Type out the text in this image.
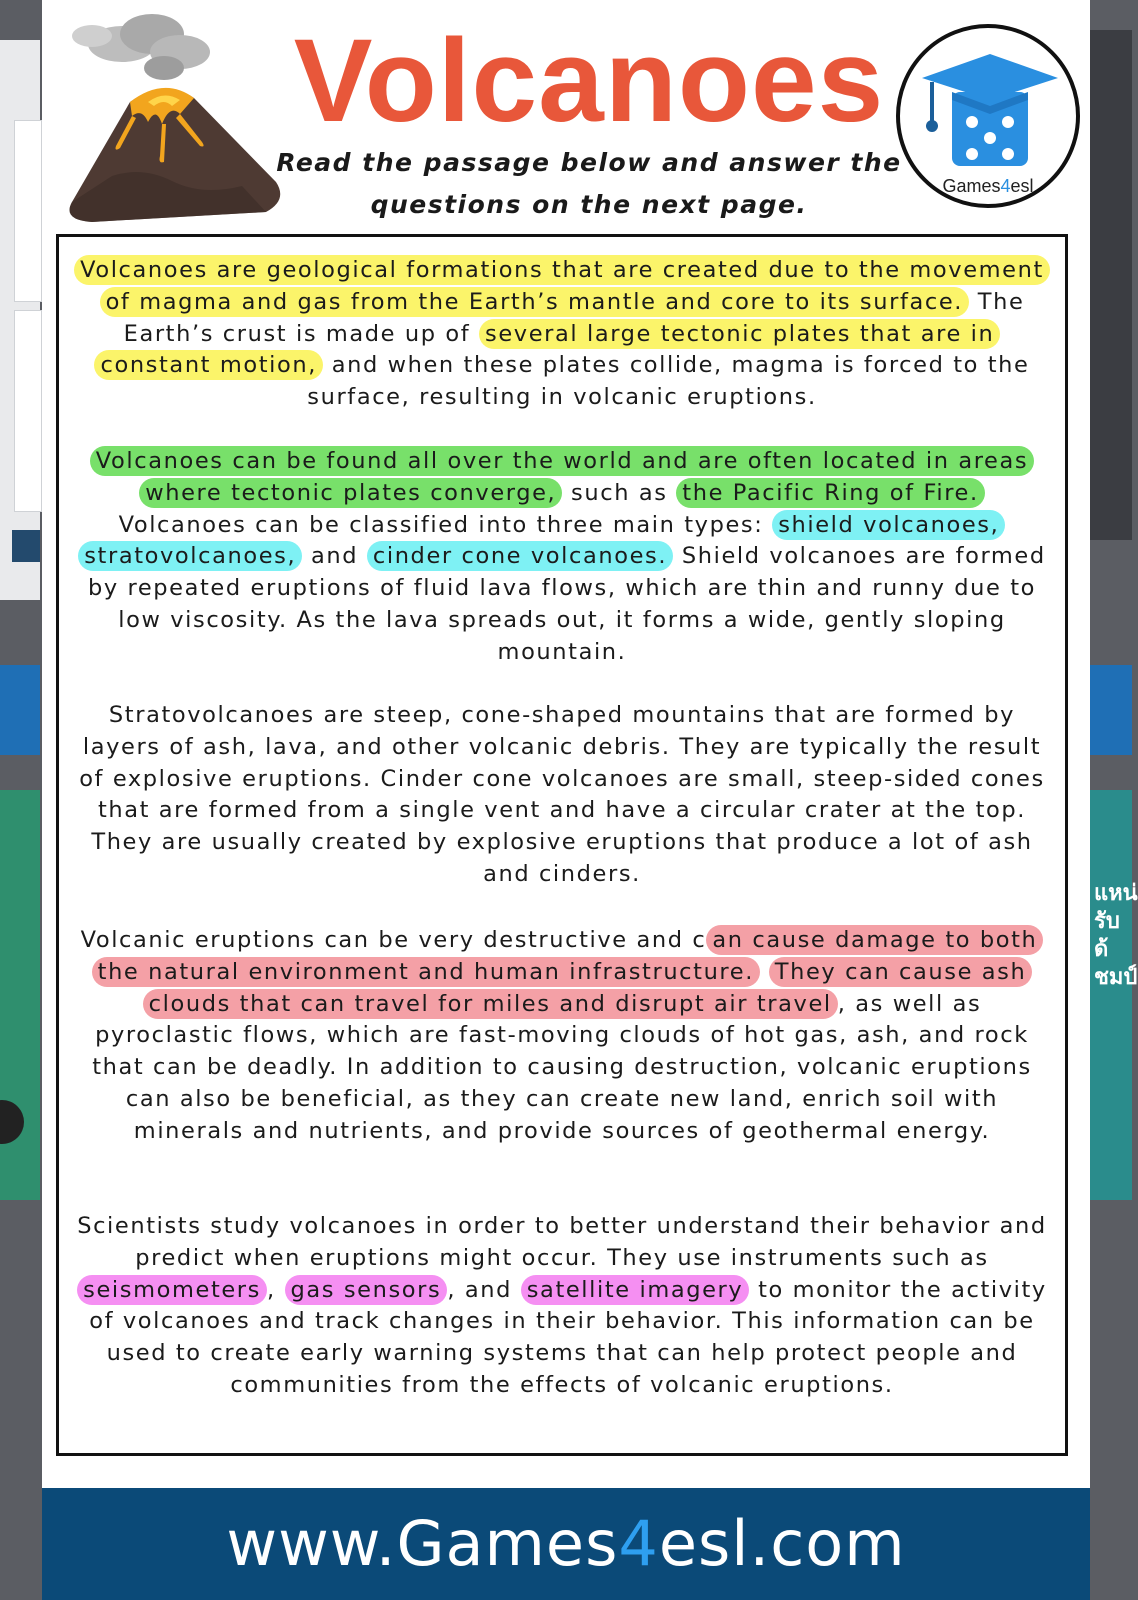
แหน่ รับด้ ชมป์
Volcanoes
Read the passage below and answer the
questions on the next page.
Games4esl

Volcanoes are geological formations that are created due to the movement of magma and gas from the Earth’s mantle and core to its surface. The Earth’s crust is made up of several large tectonic plates that are in constant motion, and when these plates collide, magma is forced to the surface, resulting in volcanic eruptions.

Volcanoes can be found all over the world and are often located in areas where tectonic plates converge, such as the Pacific Ring of Fire. Volcanoes can be classified into three main types: shield volcanoes, stratovolcanoes, and cinder cone volcanoes. Shield volcanoes are formed by repeated eruptions of fluid lava flows, which are thin and runny due to low viscosity. As the lava spreads out, it forms a wide, gently sloping mountain.

Stratovolcanoes are steep, cone-shaped mountains that are formed by layers of ash, lava, and other volcanic debris. They are typically the result of explosive eruptions. Cinder cone volcanoes are small, steep-sided cones that are formed from a single vent and have a circular crater at the top. They are usually created by explosive eruptions that produce a lot of ash and cinders.

Volcanic eruptions can be very destructive and c an cause damage to both the natural environment and human infrastructure. They can cause ash clouds that can travel for miles and disrupt air travel , as well as pyroclastic flows, which are fast-moving clouds of hot gas, ash, and rock that can be deadly. In addition to causing destruction, volcanic eruptions can also be beneficial, as they can create new land, enrich soil with minerals and nutrients, and provide sources of geothermal energy.

Scientists study volcanoes in order to better understand their behavior and predict when eruptions might occur. They use instruments such as seismometers , gas sensors , and satellite imagery to monitor the activity of volcanoes and track changes in their behavior. This information can be used to create early warning systems that can help protect people and communities from the effects of volcanic eruptions.

www.Games4esl.com
